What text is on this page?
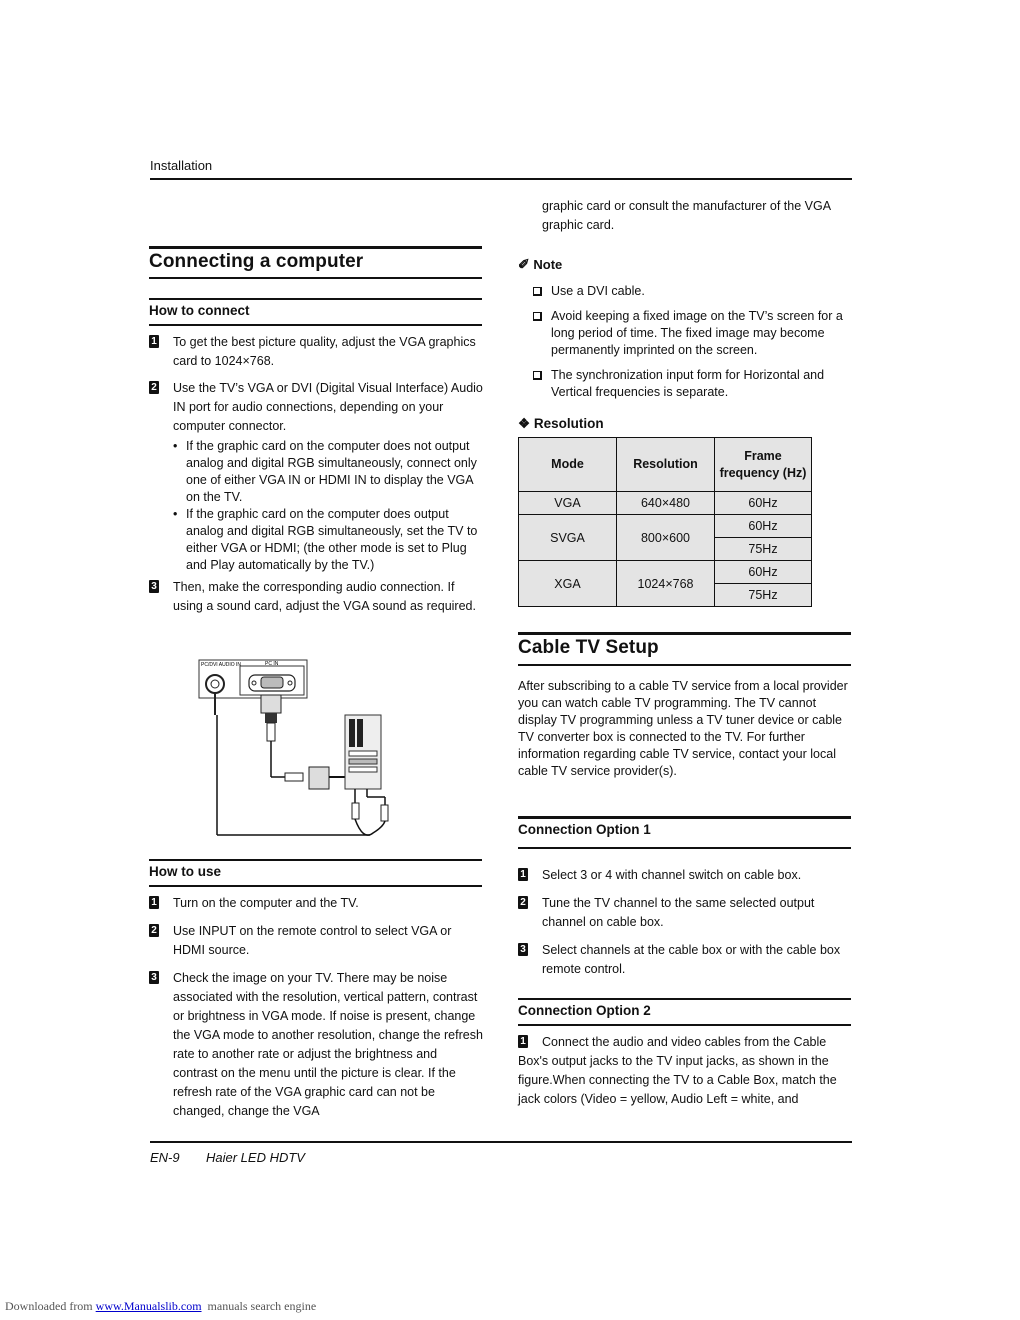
Installation
Connecting a computer
How to connect
1 To get the best picture quality, adjust the VGA graphics card to 1024×768.
2 Use the TV’s VGA or DVI (Digital Visual Interface) Audio IN port for audio connections, depending on your computer connector.
• If the graphic card on the computer does not output analog and digital RGB simultaneously, connect only one of either VGA IN or HDMI IN to display the VGA on the TV.
• If the graphic card on the computer does output analog and digital RGB simultaneously, set the TV to either VGA or HDMI; (the other mode is set to Plug and Play automatically by the TV.)
3 Then, make the corresponding audio connection. If using a sound card, adjust the VGA sound as required.
PC/DVI AUDIO IN	PC IN
How to use
1 Turn on the computer and the TV.
2 Use INPUT on the remote control to select VGA or HDMI source.
3 Check the image on your TV. There may be noise associated with the resolution, vertical pattern, contrast or brightness in VGA mode. If noise is present, change the VGA mode to another resolution, change the refresh rate to another rate or adjust the brightness and contrast on the menu until the picture is clear. If the refresh rate of the VGA graphic card can not be changed, change the VGA
graphic card or consult the manufacturer of the VGA graphic card.
✐ Note

Use a DVI cable.

Avoid keeping a fixed image on the TV’s screen for a long period of time. The fixed image may become permanently imprinted on the screen.

The synchronization input form for Horizontal and Vertical frequencies is separate.

❖ Resolution
Mode	Resolution	Frame frequency (Hz)
VGA	640×480	60Hz
SVGA	800×600	60Hz
		75Hz
XGA	1024×768	60Hz
		75Hz
Cable TV Setup
After subscribing to a cable TV service from a local provider you can watch cable TV programming. The TV cannot display TV programming unless a TV tuner device or cable TV converter box is connected to the TV. For further information regarding cable TV service, contact your local cable TV service provider(s).
Connection Option 1
1 Select 3 or 4 with channel switch on cable box.
2 Tune the TV channel to the same selected output channel on cable box.
3 Select channels at the cable box or with the cable box remote control.
Connection Option 2
1 Connect the audio and video cables from the Cable Box's output jacks to the TV input jacks, as shown in the figure.When connecting the TV to a Cable Box, match the jack colors (Video = yellow, Audio Left = white, and
EN-9 Haier LED HDTV
Downloaded from www.Manualslib.com  manuals search engine
